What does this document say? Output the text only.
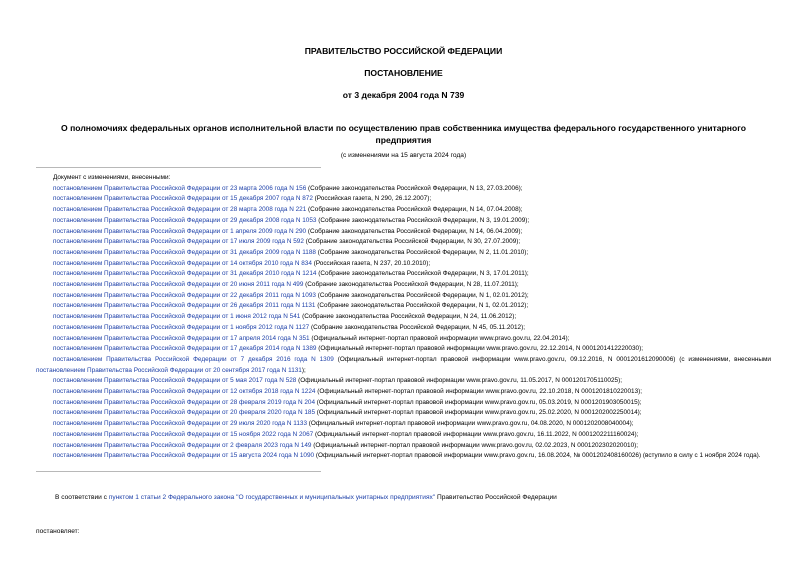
ПРАВИТЕЛЬСТВО РОССИЙСКОЙ ФЕДЕРАЦИИ
ПОСТАНОВЛЕНИЕ
от 3 декабря 2004 года N 739
О полномочиях федеральных органов исполнительной власти по осуществлению прав собственника имущества федерального государственного унитарного предприятия
(с изменениями на 15 августа 2024 года)
Документ с изменениями, внесенными:
постановлением Правительства Российской Федерации от 23 марта 2006 года N 156 (Собрание законодательства Российской Федерации, N 13, 27.03.2006);
постановлением Правительства Российской Федерации от 15 декабря 2007 года N 872 (Российская газета, N 290, 26.12.2007);
постановлением Правительства Российской Федерации от 28 марта 2008 года N 221 (Собрание законодательства Российской Федерации, N 14, 07.04.2008);
постановлением Правительства Российской Федерации от 29 декабря 2008 года N 1053 (Собрание законодательства Российской Федерации, N 3, 19.01.2009);
постановлением Правительства Российской Федерации от 1 апреля 2009 года N 290 (Собрание законодательства Российской Федерации, N 14, 06.04.2009);
постановлением Правительства Российской Федерации от 17 июля 2009 года N 592 (Собрание законодательства Российской Федерации, N 30, 27.07.2009);
постановлением Правительства Российской Федерации от 31 декабря 2009 года N 1188 (Собрание законодательства Российской Федерации, N 2, 11.01.2010);
постановлением Правительства Российской Федерации от 14 октября 2010 года N 834 (Российская газета, N 237, 20.10.2010);
постановлением Правительства Российской Федерации от 31 декабря 2010 года N 1214 (Собрание законодательства Российской Федерации, N 3, 17.01.2011);
постановлением Правительства Российской Федерации от 20 июня 2011 года N 499 (Собрание законодательства Российской Федерации, N 28, 11.07.2011);
постановлением Правительства Российской Федерации от 22 декабря 2011 года N 1093 (Собрание законодательства Российской Федерации, N 1, 02.01.2012);
постановлением Правительства Российской Федерации от 26 декабря 2011 года N 1131 (Собрание законодательства Российской Федерации, N 1, 02.01.2012);
постановлением Правительства Российской Федерации от 1 июня 2012 года N 541 (Собрание законодательства Российской Федерации, N 24, 11.06.2012);
постановлением Правительства Российской Федерации от 1 ноября 2012 года N 1127 (Собрание законодательства Российской Федерации, N 45, 05.11.2012);
постановлением Правительства Российской Федерации от 17 апреля 2014 года N 351 (Официальный интернет-портал правовой информации www.pravo.gov.ru, 22.04.2014);
постановлением Правительства Российской Федерации от 17 декабря 2014 года N 1389 (Официальный интернет-портал правовой информации www.pravo.gov.ru, 22.12.2014, N 0001201412220030);
постановлением Правительства Российской Федерации от 7 декабря 2016 года N 1309 (Официальный интернет-портал правовой информации www.pravo.gov.ru, 09.12.2016, N 0001201612090006) (с изменениями, внесенными постановлением Правительства Российской Федерации от 20 сентября 2017 года N 1131);
постановлением Правительства Российской Федерации от 5 мая 2017 года N 528 (Официальный интернет-портал правовой информации www.pravo.gov.ru, 11.05.2017, N 0001201705110025);
постановлением Правительства Российской Федерации от 12 октября 2018 года N 1224 (Официальный интернет-портал правовой информации www.pravo.gov.ru, 22.10.2018, N 0001201810220013);
постановлением Правительства Российской Федерации от 28 февраля 2019 года N 204 (Официальный интернет-портал правовой информации www.pravo.gov.ru, 05.03.2019, N 0001201903050015);
постановлением Правительства Российской Федерации от 20 февраля 2020 года N 185 (Официальный интернет-портал правовой информации www.pravo.gov.ru, 25.02.2020, N 0001202002250014);
постановлением Правительства Российской Федерации от 29 июля 2020 года N 1133 (Официальный интернет-портал правовой информации www.pravo.gov.ru, 04.08.2020, N 0001202008040004);
постановлением Правительства Российской Федерации от 15 ноября 2022 года N 2067 (Официальный интернет-портал правовой информации www.pravo.gov.ru, 16.11.2022, N 0001202211160024);
постановлением Правительства Российской Федерации от 2 февраля 2023 года N 149 (Официальный интернет-портал правовой информации www.pravo.gov.ru, 02.02.2023, N 0001202302020010);
постановлением Правительства Российской Федерации от 15 августа 2024 года N 1090 (Официальный интернет-портал правовой информации www.pravo.gov.ru, 16.08.2024, № 0001202408160026) (вступило в силу с 1 ноября 2024 года).
В соответствии с пунктом 1 статьи 2 Федерального закона "О государственных и муниципальных унитарных предприятиях" Правительство Российской Федерации
постановляет:
